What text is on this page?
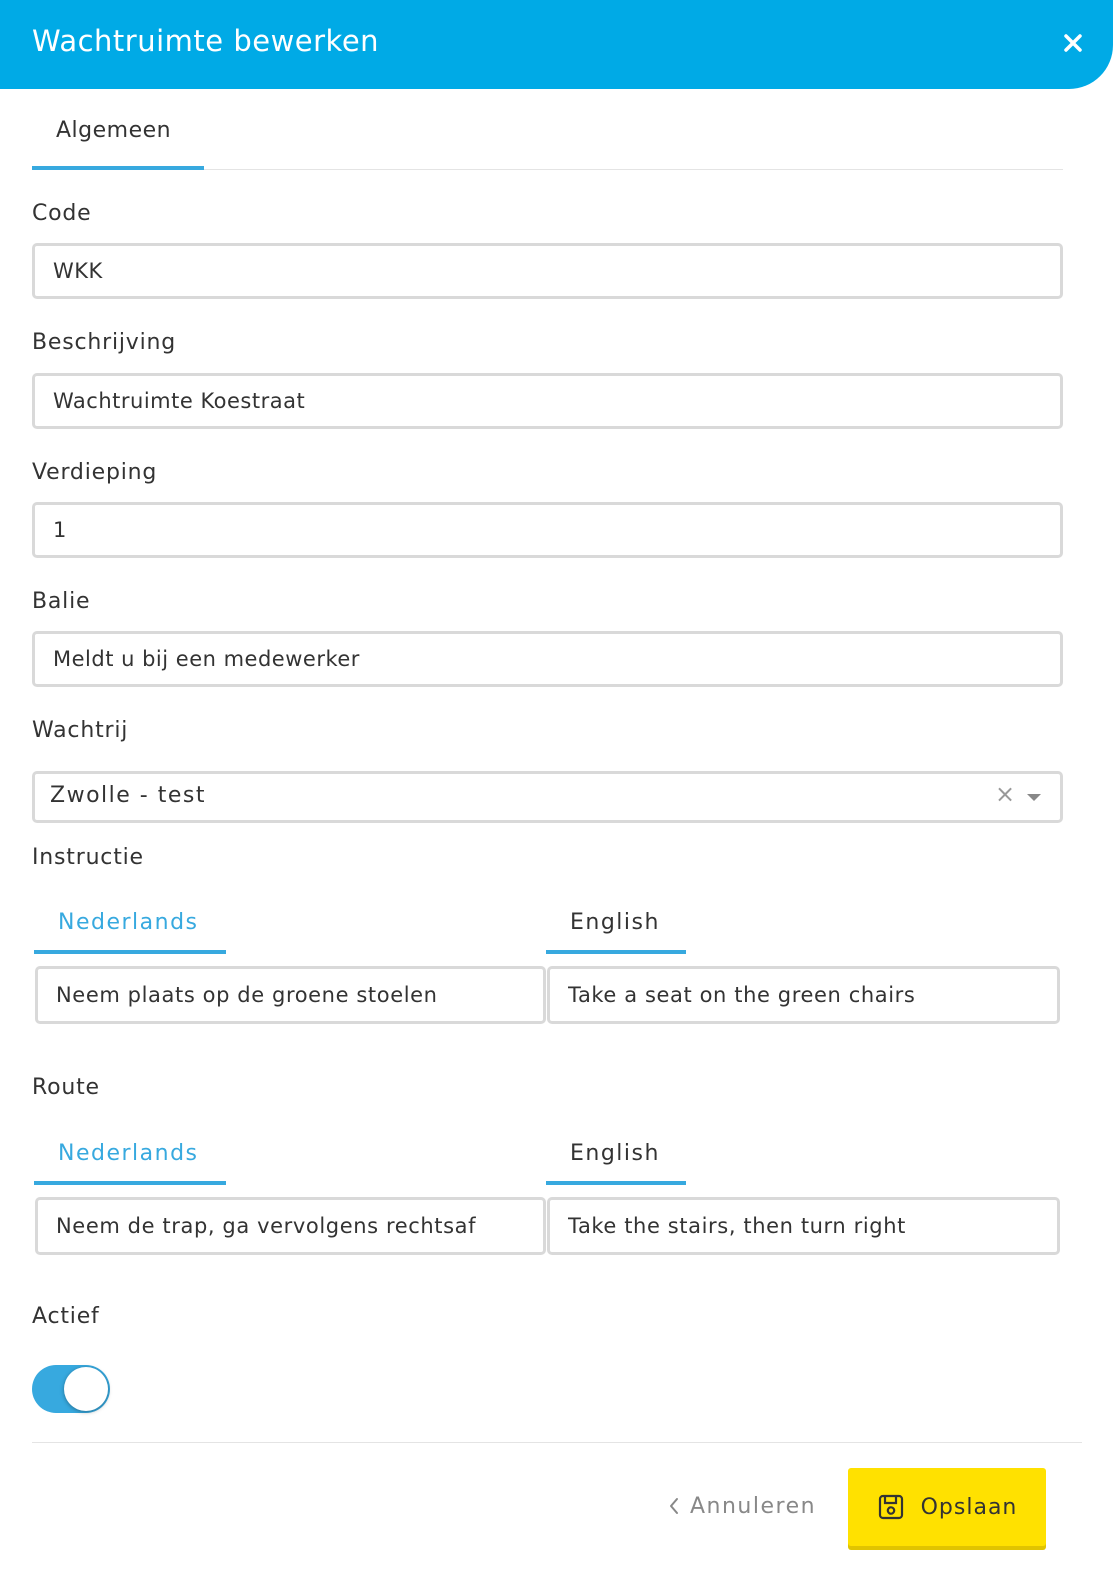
Wachtruimte bewerken
Algemeen
Code
WKK
Beschrijving
Wachtruimte Koestraat
Verdieping
1
Balie
Meldt u bij een medewerker
Wachtrij
Zwolle - test	×
Instructie
Nederlands	English
Neem plaats op de groene stoelen
Take a seat on the green chairs
Route
Nederlands	English
Neem de trap, ga vervolgens rechtsaf
Take the stairs, then turn right
Actief
Annuleren	Opslaan
